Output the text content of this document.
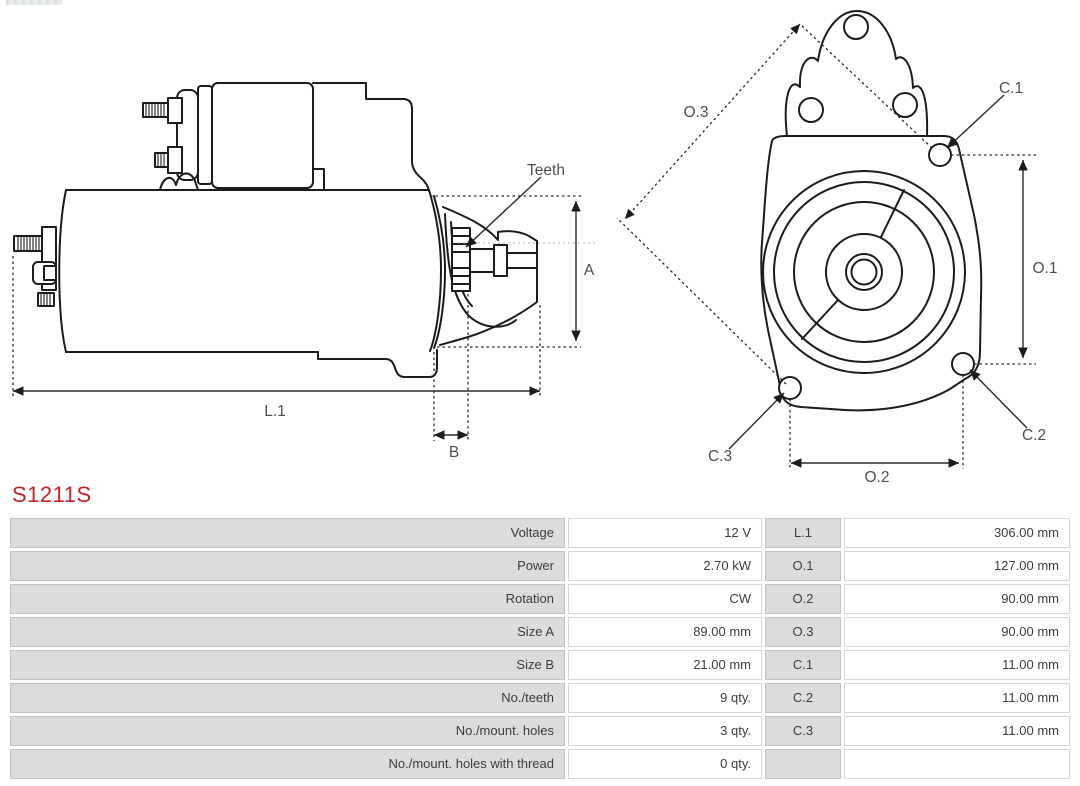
Teeth
A
L.1
B
O.3
C.1
O.1
C.2
C.3
O.2
S1211S
Voltage	12 V	L.1	306.00 mm
Power	2.70 kW	O.1	127.00 mm
Rotation	CW	O.2	90.00 mm
Size A	89.00 mm	O.3	90.00 mm
Size B	21.00 mm	C.1	11.00 mm
No./teeth	9 qty.	C.2	11.00 mm
No./mount. holes	3 qty.	C.3	11.00 mm
No./mount. holes with thread	0 qty.
